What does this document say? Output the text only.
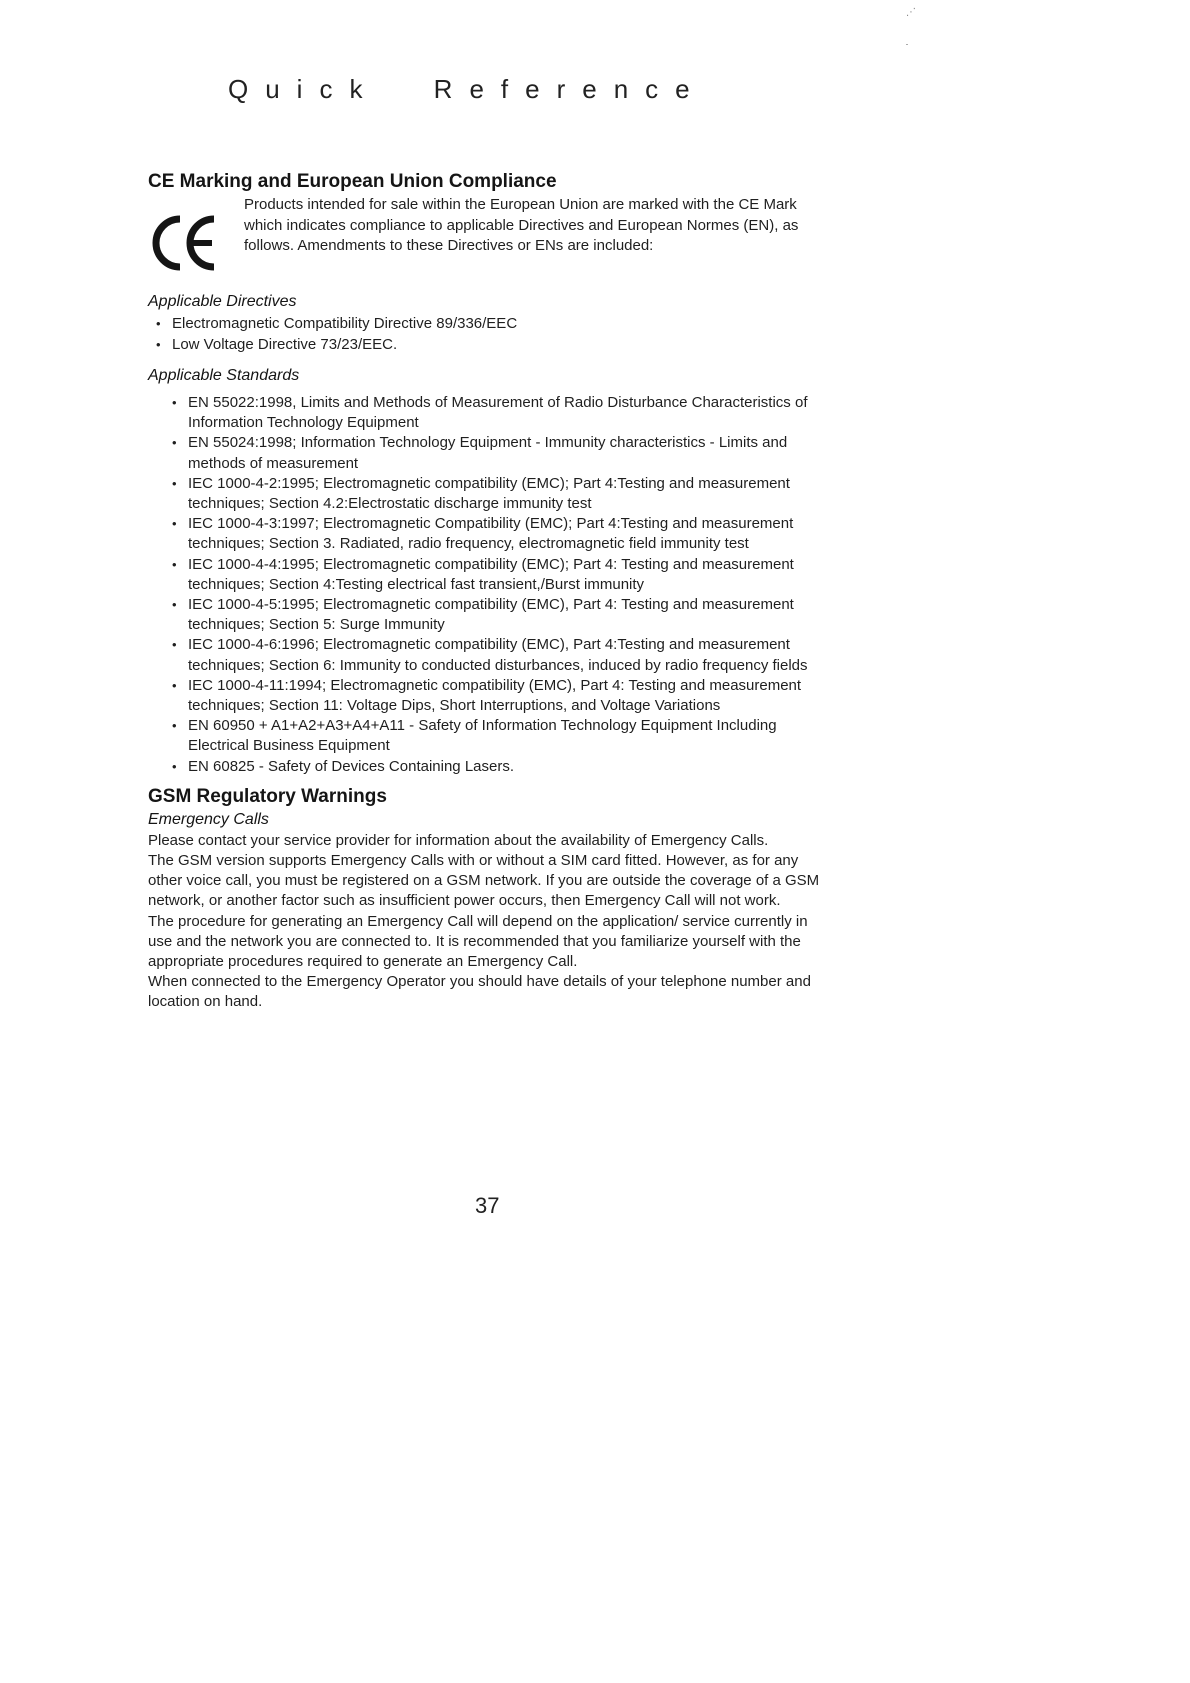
⋰
Quick Reference
CE Marking and European Union Compliance

Products intended for sale within the European Union are marked with the CE Mark which indicates compliance to applicable Directives and European Normes (EN), as follows. Amendments to these Directives or ENs are included:

Applicable Directives
• Electromagnetic Compatibility Directive 89/336/EEC
• Low Voltage Directive 73/23/EEC.
Applicable Standards
• EN 55022:1998, Limits and Methods of Measurement of Radio Disturbance Characteristics of Information Technology Equipment
• EN 55024:1998; Information Technology Equipment - Immunity characteristics - Limits and methods of measurement
• IEC 1000-4-2:1995; Electromagnetic compatibility (EMC); Part 4:Testing and measurement techniques; Section 4.2:Electrostatic discharge immunity test
• IEC 1000-4-3:1997; Electromagnetic Compatibility (EMC); Part 4:Testing and measurement techniques; Section 3. Radiated, radio frequency, electromagnetic field immunity test
• IEC 1000-4-4:1995; Electromagnetic compatibility (EMC); Part 4: Testing and measurement techniques; Section 4:Testing electrical fast transient,/Burst immunity
• IEC 1000-4-5:1995; Electromagnetic compatibility (EMC), Part 4: Testing and measurement techniques; Section 5: Surge Immunity
• IEC 1000-4-6:1996; Electromagnetic compatibility (EMC), Part 4:Testing and measurement techniques; Section 6: Immunity to conducted disturbances, induced by radio frequency fields
• IEC 1000-4-11:1994; Electromagnetic compatibility (EMC), Part 4: Testing and measurement techniques; Section 11: Voltage Dips, Short Interruptions, and Voltage Variations
• EN 60950 + A1+A2+A3+A4+A11 - Safety of Information Technology Equipment Including Electrical Business Equipment
• EN 60825 - Safety of Devices Containing Lasers.
GSM Regulatory Warnings
Emergency Calls

Please contact your service provider for information about the availability of Emergency Calls.

The GSM version supports Emergency Calls with or without a SIM card fitted. However, as for any other voice call, you must be registered on a GSM network. If you are outside the coverage of a GSM network, or another factor such as insufficient power occurs, then Emergency Call will not work.

The procedure for generating an Emergency Call will depend on the application/ service currently in use and the network you are connected to. It is recommended that you familiarize yourself with the appropriate procedures required to generate an Emergency Call.

When connected to the Emergency Operator you should have details of your telephone number and location on hand.

37
